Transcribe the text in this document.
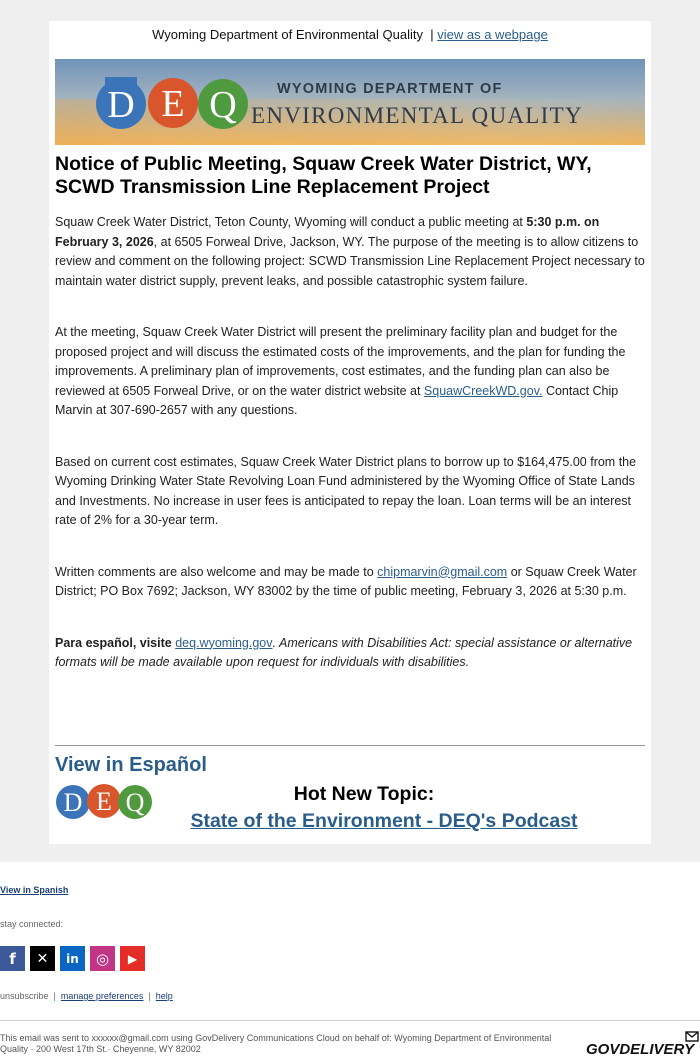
Wyoming Department of Environmental Quality | view as a webpage
D E Q	WYOMING DEPARTMENT OF
ENVIRONMENTAL QUALITY
Notice of Public Meeting, Squaw Creek Water District, WY, SCWD Transmission Line Replacement Project

Squaw Creek Water District, Teton County, Wyoming will conduct a public meeting at 5:30 p.m. on February 3, 2026, at 6505 Forweal Drive, Jackson, WY. The purpose of the meeting is to allow citizens to review and comment on the following project: SCWD Transmission Line Replacement Project necessary to maintain water district supply, prevent leaks, and possible catastrophic system failure.

At the meeting, Squaw Creek Water District will present the preliminary facility plan and budget for the proposed project and will discuss the estimated costs of the improvements, and the plan for funding the improvements. A preliminary plan of improvements, cost estimates, and the funding plan can also be reviewed at 6505 Forweal Drive, or on the water district website at SquawCreekWD.gov. Contact Chip Marvin at 307-690-2657 with any questions.

Based on current cost estimates, Squaw Creek Water District plans to borrow up to $164,475.00 from the Wyoming Drinking Water State Revolving Loan Fund administered by the Wyoming Office of State Lands and Investments. No increase in user fees is anticipated to repay the loan. Loan terms will be an interest rate of 2% for a 30-year term.

Written comments are also welcome and may be made to chipmarvin@gmail.com or Squaw Creek Water District; PO Box 7692; Jackson, WY 83002 by the time of public meeting, February 3, 2026 at 5:30 p.m.

Para español, visite deq.wyoming.gov. Americans with Disabilities Act: special assistance or alternative formats will be made available upon request for individuals with disabilities.

View in Español
D E Q	Hot New Topic:
State of the Environment - DEQ's Podcast
View in Spanish
stay connected:
f	✕	in	◎	▶
unsubscribe | manage preferences | help
This email was sent to xxxxxx@gmail.com using GovDelivery Communications Cloud on behalf of: Wyoming Department of Environmental Quality · 200 West 17th St.· Cheyenne, WY 82002	GOVDELIVERY
